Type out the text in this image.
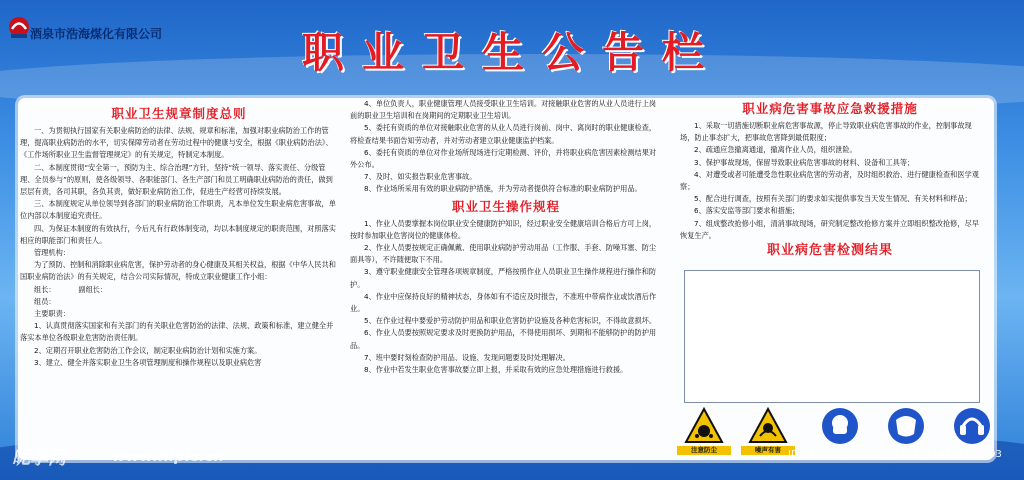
酒泉市浩海煤化有限公司	职业卫生公告栏
职业卫生规章制度总则

一、为贯彻执行国家有关职业病防治的法律、法规、规章和标准，加强对职业病防治工作的管理，提高职业病防治的水平，切实保障劳动者在劳动过程中的健康与安全，根据《职业病防治法》、《工作场所职业卫生监督管理规定》的有关规定，特制定本制度。

二、本制度贯彻“安全第一，预防为主、综合治理”方针，坚持“统一领导、落实责任、分级管理、全员参与”的原则，使各级领导、各职能部门、各生产部门和员工明确职业病防治的责任，做到层层有责，各司其职，各负其责，做好职业病防治工作，促进生产经营可持续发展。

三、本制度规定从单位领导到各部门的职业病防治工作职责，凡本单位发生职业病危害事故，单位内部以本制度追究责任。

四、为保证本制度的有效执行，今后凡有行政体制变动，均以本制度规定的职责范围，对照落实相应的职能部门和责任人。

管理机构：

为了预防、控制和消除职业病危害，保护劳动者的身心健康及其相关权益，根据《中华人民共和国职业病防治法》的有关规定，结合公司实际情况，特成立职业健康工作小组：

组长：          副组长：

组员：

主要职责：

1、认真贯彻落实国家和有关部门的有关职业危害防治的法律、法规、政策和标准，建立健全并落实本单位各级职业危害防治责任制。

2、定期召开职业危害防治工作会议，制定职业病防治计划和实施方案。

3、建立、健全并落实职业卫生各项管理制度和操作规程以及职业病危害

4、单位负责人，职业健康管理人员接受职业卫生培训。对接触职业危害的从业人员进行上岗前的职业卫生培训和在岗期间的定期职业卫生培训。

5、委托有资质的单位对接触职业危害的从业人员进行岗前、岗中、离岗时的职业健康检查，将检查结果书面告知劳动者，并对劳动者建立职业健康监护档案。

6、委托有资质的单位对作业场所现场进行定期检测、评价，并将职业病危害因素检测结果对外公布。

7、及时、如实报告职业危害事故。

8、作业场所采用有效的职业病防护措施，并为劳动者提供符合标准的职业病防护用品。

职业卫生操作规程

1、作业人员要掌握本岗位职业安全健康防护知识，经过职业安全健康培训合格后方可上岗，按时参加职业危害岗位的健康体检。

2、作业人员要按规定正确佩戴、使用职业病防护劳动用品（工作服、手套、防噪耳塞、防尘面具等），不许随便取下不用。

3、遵守职业健康安全管理各项规章制度，严格按照作业人员职业卫生操作规程进行操作和防护。

4、作业中应保持良好的精神状态，身体如有不适应及时报告，不准班中带病作业或饮酒后作业。

5、在作业过程中要爱护劳动防护用品和职业危害防护设施及各种危害标识，不得故意损坏。

6、作业人员要按照规定要求及时更换防护用品，不得使用损坏、到期和不能够防护的防护用品。

7、班中要时刻检查防护用品、设施、发现问题要及时处理解决。

8、作业中若发生职业危害事故要立即上报，并采取有效的应急处理措施进行救援。

职业病危害事故应急救援措施

1、采取一切措施切断职业病危害事故源，停止导致职业病危害事故的作业，控制事故现场，防止事态扩大，把事故危害降到最低限度；

2、疏通应急撤离通道，撤离作业人员，组织泄险。

3、保护事故现场，保留导致职业病危害事故的材料、设备和工具等；

4、对遭受或者可能遭受急性职业病危害的劳动者，及时组织救治、进行健康检查和医学观察；

5、配合进行调查，按照有关部门的要求如实提供事发当天发生情况、有关材料和样品；

6、落实安监等部门要求和措施；

7、组成整改抢修小组，清消事故现场，研究制定整改抢修方案并立即组织整改抢修，尽早恢复生产。

职业病危害检测结果
注意防尘	噪声有害
昵享网	www.nipic.cn	ID:33369573 NO:20231217114322780103
